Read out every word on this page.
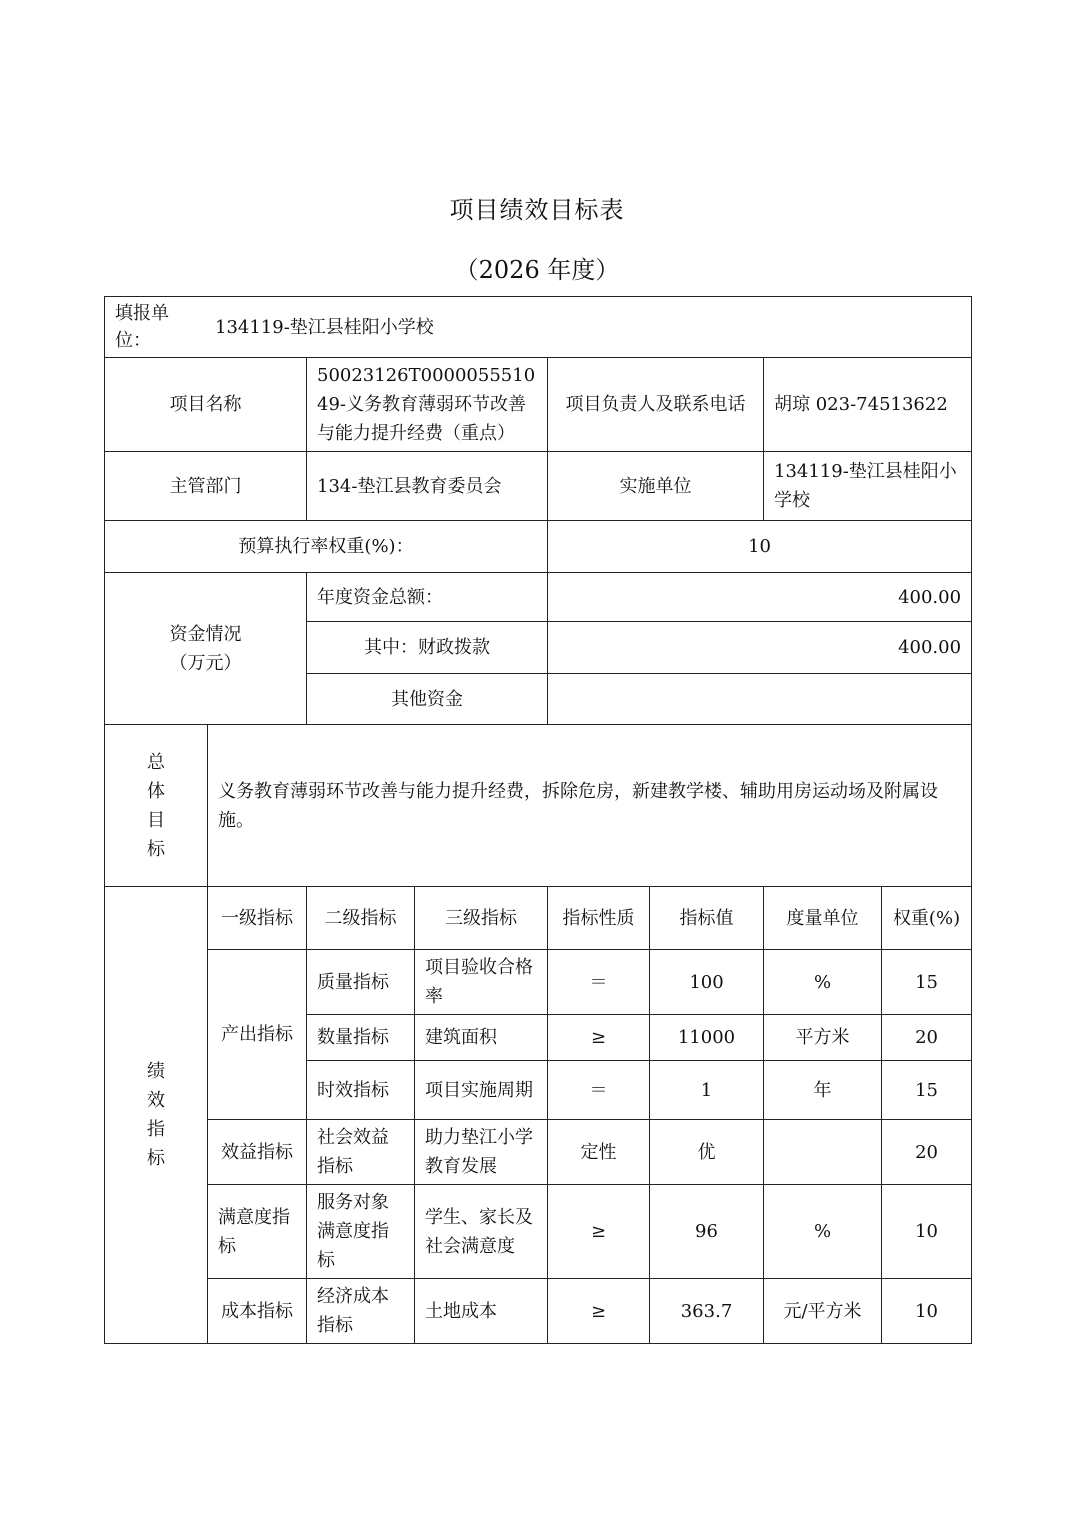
项目绩效目标表
（2026 年度）
填报单位：134119-垫江县桂阳小学校							
项目名称		50023126T000005551049-义务教育薄弱环节改善与能力提升经费（重点）		项目负责人及联系电话		胡琼 023-74513622	
主管部门		134-垫江县教育委员会		实施单位		134119-垫江县桂阳小学校	
预算执行率权重(%)：				10			

资金情况
（万元）		年度资金总额：		400.00			
		其中：财政拨款		400.00			
		其他资金					

总
体
目
标	义务教育薄弱环节改善与能力提升经费，拆除危房，新建教学楼、辅助用房运动场及附属设施。						

绩
效
指
标	一级指标	二级指标	三级指标	指标性质	指标值	度量单位	权重(%)
	产出指标	质量指标	项目验收合格率	＝	100	%	15
		数量指标	建筑面积	≥	11000	平方米	20
		时效指标	项目实施周期	＝	1	年	15
	效益指标	社会效益指标	助力垫江小学教育发展	定性	优		20
	满意度指标	服务对象满意度指标	学生、家长及社会满意度	≥	96	%	10
	成本指标	经济成本指标	土地成本	≥	363.7	元/平方米	10
